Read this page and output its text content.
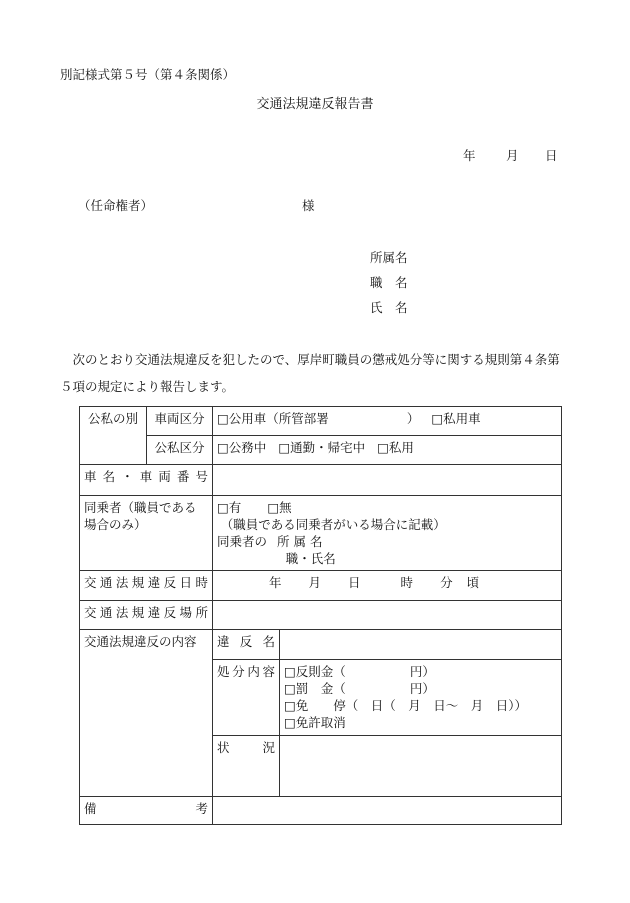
別記様式第５号（第４条関係）
交通法規違反報告書
年 月 日
（任命権者）	様
所属名
職　名
氏　名
次のとおり交通法規違反を犯したので、厚岸町職員の懲戒処分等に関する規則第４条第５項の規定により報告します。
公私の別	車両区分	□公用車（所管部署 ） □私用車	
	公私区分	□公務中 □通勤・帰宅中 □私用	
車名・車両番号			
同乗者（職員である場合のみ）		□有 □無
（職員である同乗者がいる場合に記載）
同乗者の 所 属 名
職・氏名	

交通法規違反日時		年 月 日 時 分 頃	
交通法規違反場所			
交通法規違反の内容		違反名	
		処分内容	□反則金（ 円）
□罰　金（ 円）
□免　　停（　日（　月　日～　月　日））
□免許取消

		状況	
備考			
